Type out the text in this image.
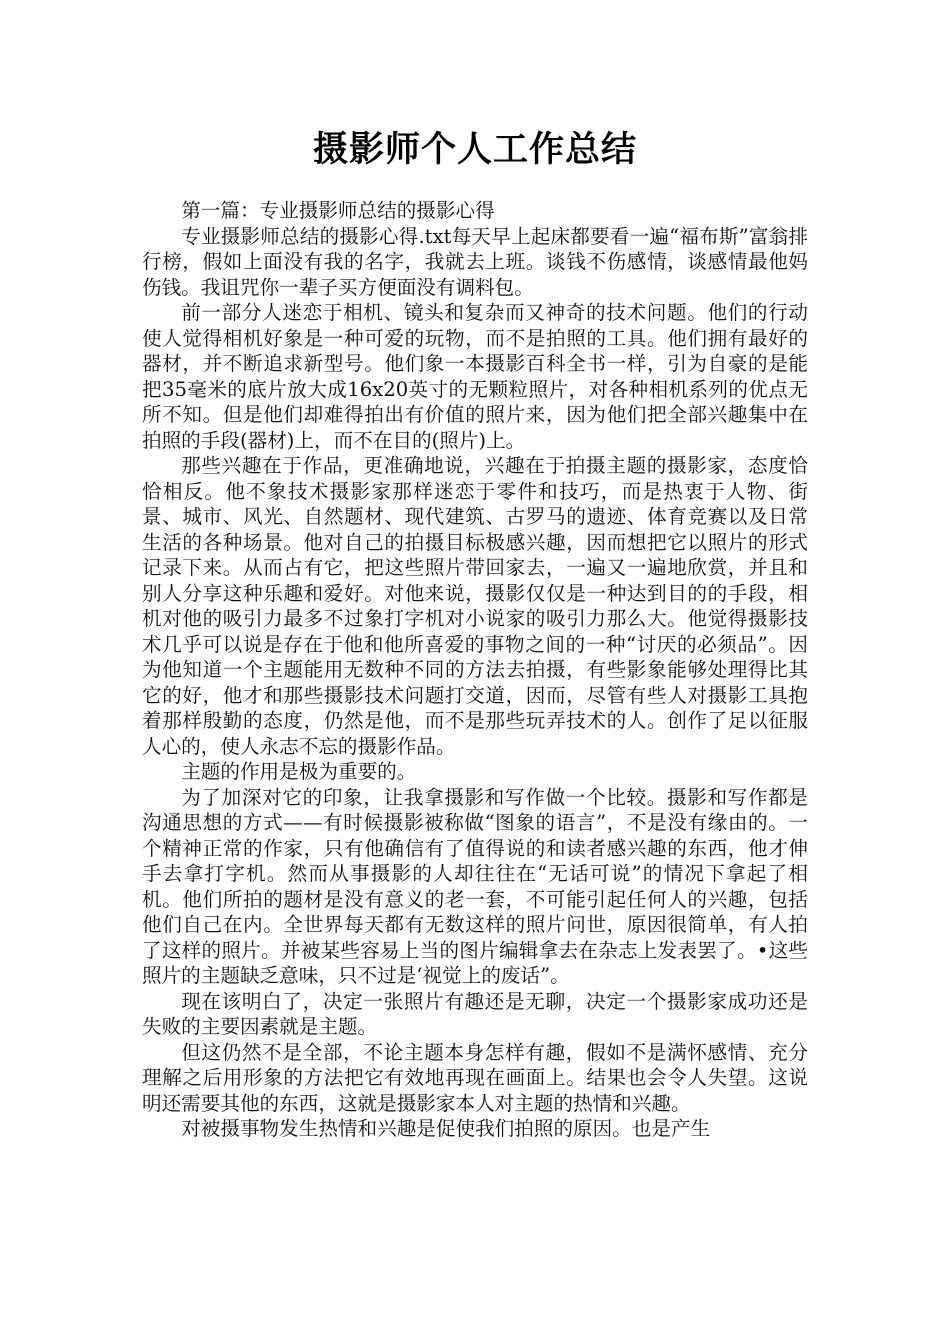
摄影师个人工作总结

第一篇：专业摄影师总结的摄影心得

专业摄影师总结的摄影心得.txt每天早上起床都要看一遍“福布斯”富翁排行榜，假如上面没有我的名字，我就去上班。谈钱不伤感情，谈感情最他妈伤钱。我诅咒你一辈子买方便面没有调料包。

前一部分人迷恋于相机、镜头和复杂而又神奇的技术问题。他们的行动使人觉得相机好象是一种可爱的玩物，而不是拍照的工具。他们拥有最好的器材，并不断追求新型号。他们象一本摄影百科全书一样，引为自豪的是能把35毫米的底片放大成16x20英寸的无颗粒照片，对各种相机系列的优点无所不知。但是他们却难得拍出有价值的照片来，因为他们把全部兴趣集中在拍照的手段(器材)上，而不在目的(照片)上。

那些兴趣在于作品，更准确地说，兴趣在于拍摄主题的摄影家，态度恰恰相反。他不象技术摄影家那样迷恋于零件和技巧，而是热衷于人物、街景、城市、风光、自然题材、现代建筑、古罗马的遗迹、体育竞赛以及日常生活的各种场景。他对自己的拍摄目标极感兴趣，因而想把它以照片的形式记录下来。从而占有它，把这些照片带回家去，一遍又一遍地欣赏，并且和别人分享这种乐趣和爱好。对他来说，摄影仅仅是一种达到目的的手段，相机对他的吸引力最多不过象打字机对小说家的吸引力那么大。他觉得摄影技术几乎可以说是存在于他和他所喜爱的事物之间的一种“讨厌的必须品”。因为他知道一个主题能用无数种不同的方法去拍摄，有些影象能够处理得比其它的好，他才和那些摄影技术问题打交道，因而，尽管有些人对摄影工具抱着那样殷勤的态度，仍然是他，而不是那些玩弄技术的人。创作了足以征服人心的，使人永志不忘的摄影作品。

主题的作用是极为重要的。

为了加深对它的印象，让我拿摄影和写作做一个比较。摄影和写作都是沟通思想的方式——有时候摄影被称做“图象的语言”，不是没有缘由的。一个精神正常的作家，只有他确信有了值得说的和读者感兴趣的东西，他才伸手去拿打字机。然而从事摄影的人却往往在“无话可说”的情况下拿起了相机。他们所拍的题材是没有意义的老一套，不可能引起任何人的兴趣，包括他们自己在内。全世界每天都有无数这样的照片问世，原因很简单，有人拍了这样的照片。并被某些容易上当的图片编辑拿去在杂志上发表罢了。•这些照片的主题缺乏意味，只不过是‘视觉上的废话”。

现在该明白了，决定一张照片有趣还是无聊，决定一个摄影家成功还是失败的主要因素就是主题。

但这仍然不是全部，不论主题本身怎样有趣，假如不是满怀感情、充分理解之后用形象的方法把它有效地再现在画面上。结果也会令人失望。这说明还需要其他的东西，这就是摄影家本人对主题的热情和兴趣。

对被摄事物发生热情和兴趣是促使我们拍照的原因。也是产生
